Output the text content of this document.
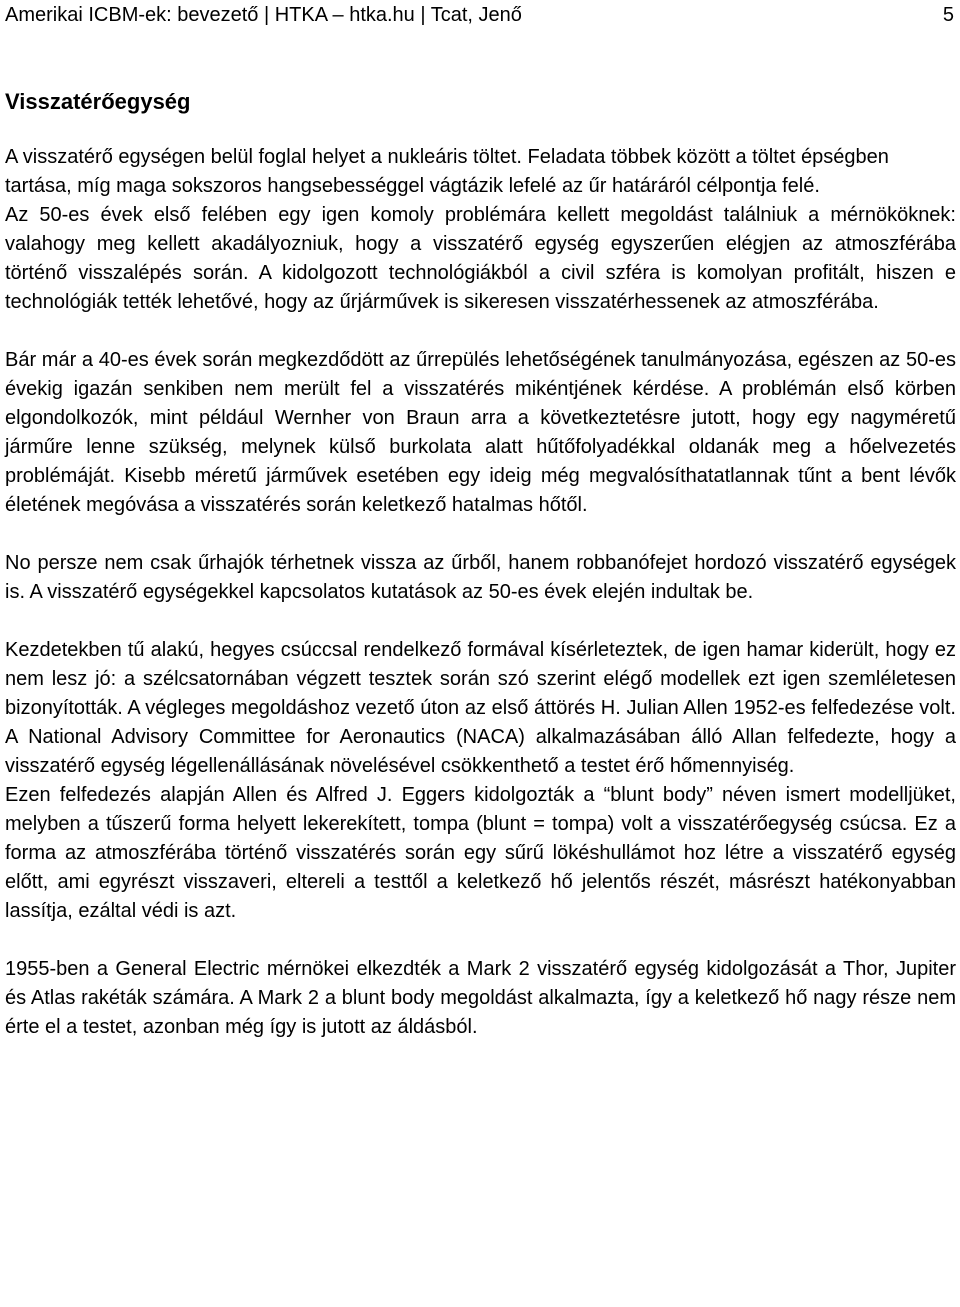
Amerikai ICBM-ek: bevezető | HTKA – htka.hu | Tcat, Jenő	5
Visszatérőegység

A visszatérő egységen belül foglal helyet a nukleáris töltet. Feladata többek között a töltet épségben tartása, míg maga sokszoros hangsebességgel vágtázik lefelé az űr határáról célpontja felé.

Az 50-es évek első felében egy igen komoly problémára kellett megoldást találniuk a mérnököknek: valahogy meg kellett akadályozniuk, hogy a visszatérő egység egyszerűen elégjen az atmoszférába történő visszalépés során. A kidolgozott technológiákból a civil szféra is komolyan profitált, hiszen e technológiák tették lehetővé, hogy az űrjárművek is sikeresen visszatérhessenek az atmoszférába.

Bár már a 40-es évek során megkezdődött az űrrepülés lehetőségének tanulmányozása, egészen az 50-es évekig igazán senkiben nem merült fel a visszatérés mikéntjének kérdése. A problémán első körben elgondolkozók, mint például Wernher von Braun arra a következtetésre jutott, hogy egy nagyméretű járműre lenne szükség, melynek külső burkolata alatt hűtőfolyadékkal oldanák meg a hőelvezetés problémáját. Kisebb méretű járművek esetében egy ideig még megvalósíthatatlannak tűnt a bent lévők életének megóvása a visszatérés során keletkező hatalmas hőtől.

No persze nem csak űrhajók térhetnek vissza az űrből, hanem robbanófejet hordozó visszatérő egységek is. A visszatérő egységekkel kapcsolatos kutatások az 50-es évek elején indultak be.

Kezdetekben tű alakú, hegyes csúccsal rendelkező formával kísérleteztek, de igen hamar kiderült, hogy ez nem lesz jó: a szélcsatornában végzett tesztek során szó szerint elégő modellek ezt igen szemléletesen bizonyították. A végleges megoldáshoz vezető úton az első áttörés H. Julian Allen 1952-es felfedezése volt. A National Advisory Committee for Aeronautics (NACA) alkalmazásában álló Allan felfedezte, hogy a visszatérő egység légellenállásának növelésével csökkenthető a testet érő hőmennyiség.

Ezen felfedezés alapján Allen és Alfred J. Eggers kidolgozták a “blunt body” néven ismert modelljüket, melyben a tűszerű forma helyett lekerekített, tompa (blunt = tompa) volt a visszatérőegység csúcsa. Ez a forma az atmoszférába történő visszatérés során egy sűrű lökéshullámot hoz létre a visszatérő egység előtt, ami egyrészt visszaveri, eltereli a testtől a keletkező hő jelentős részét, másrészt hatékonyabban lassítja, ezáltal védi is azt.

1955-ben a General Electric mérnökei elkezdték a Mark 2 visszatérő egység kidolgozását a Thor, Jupiter és Atlas rakéták számára. A Mark 2 a blunt body megoldást alkalmazta, így a keletkező hő nagy része nem érte el a testet, azonban még így is jutott az áldásból.
